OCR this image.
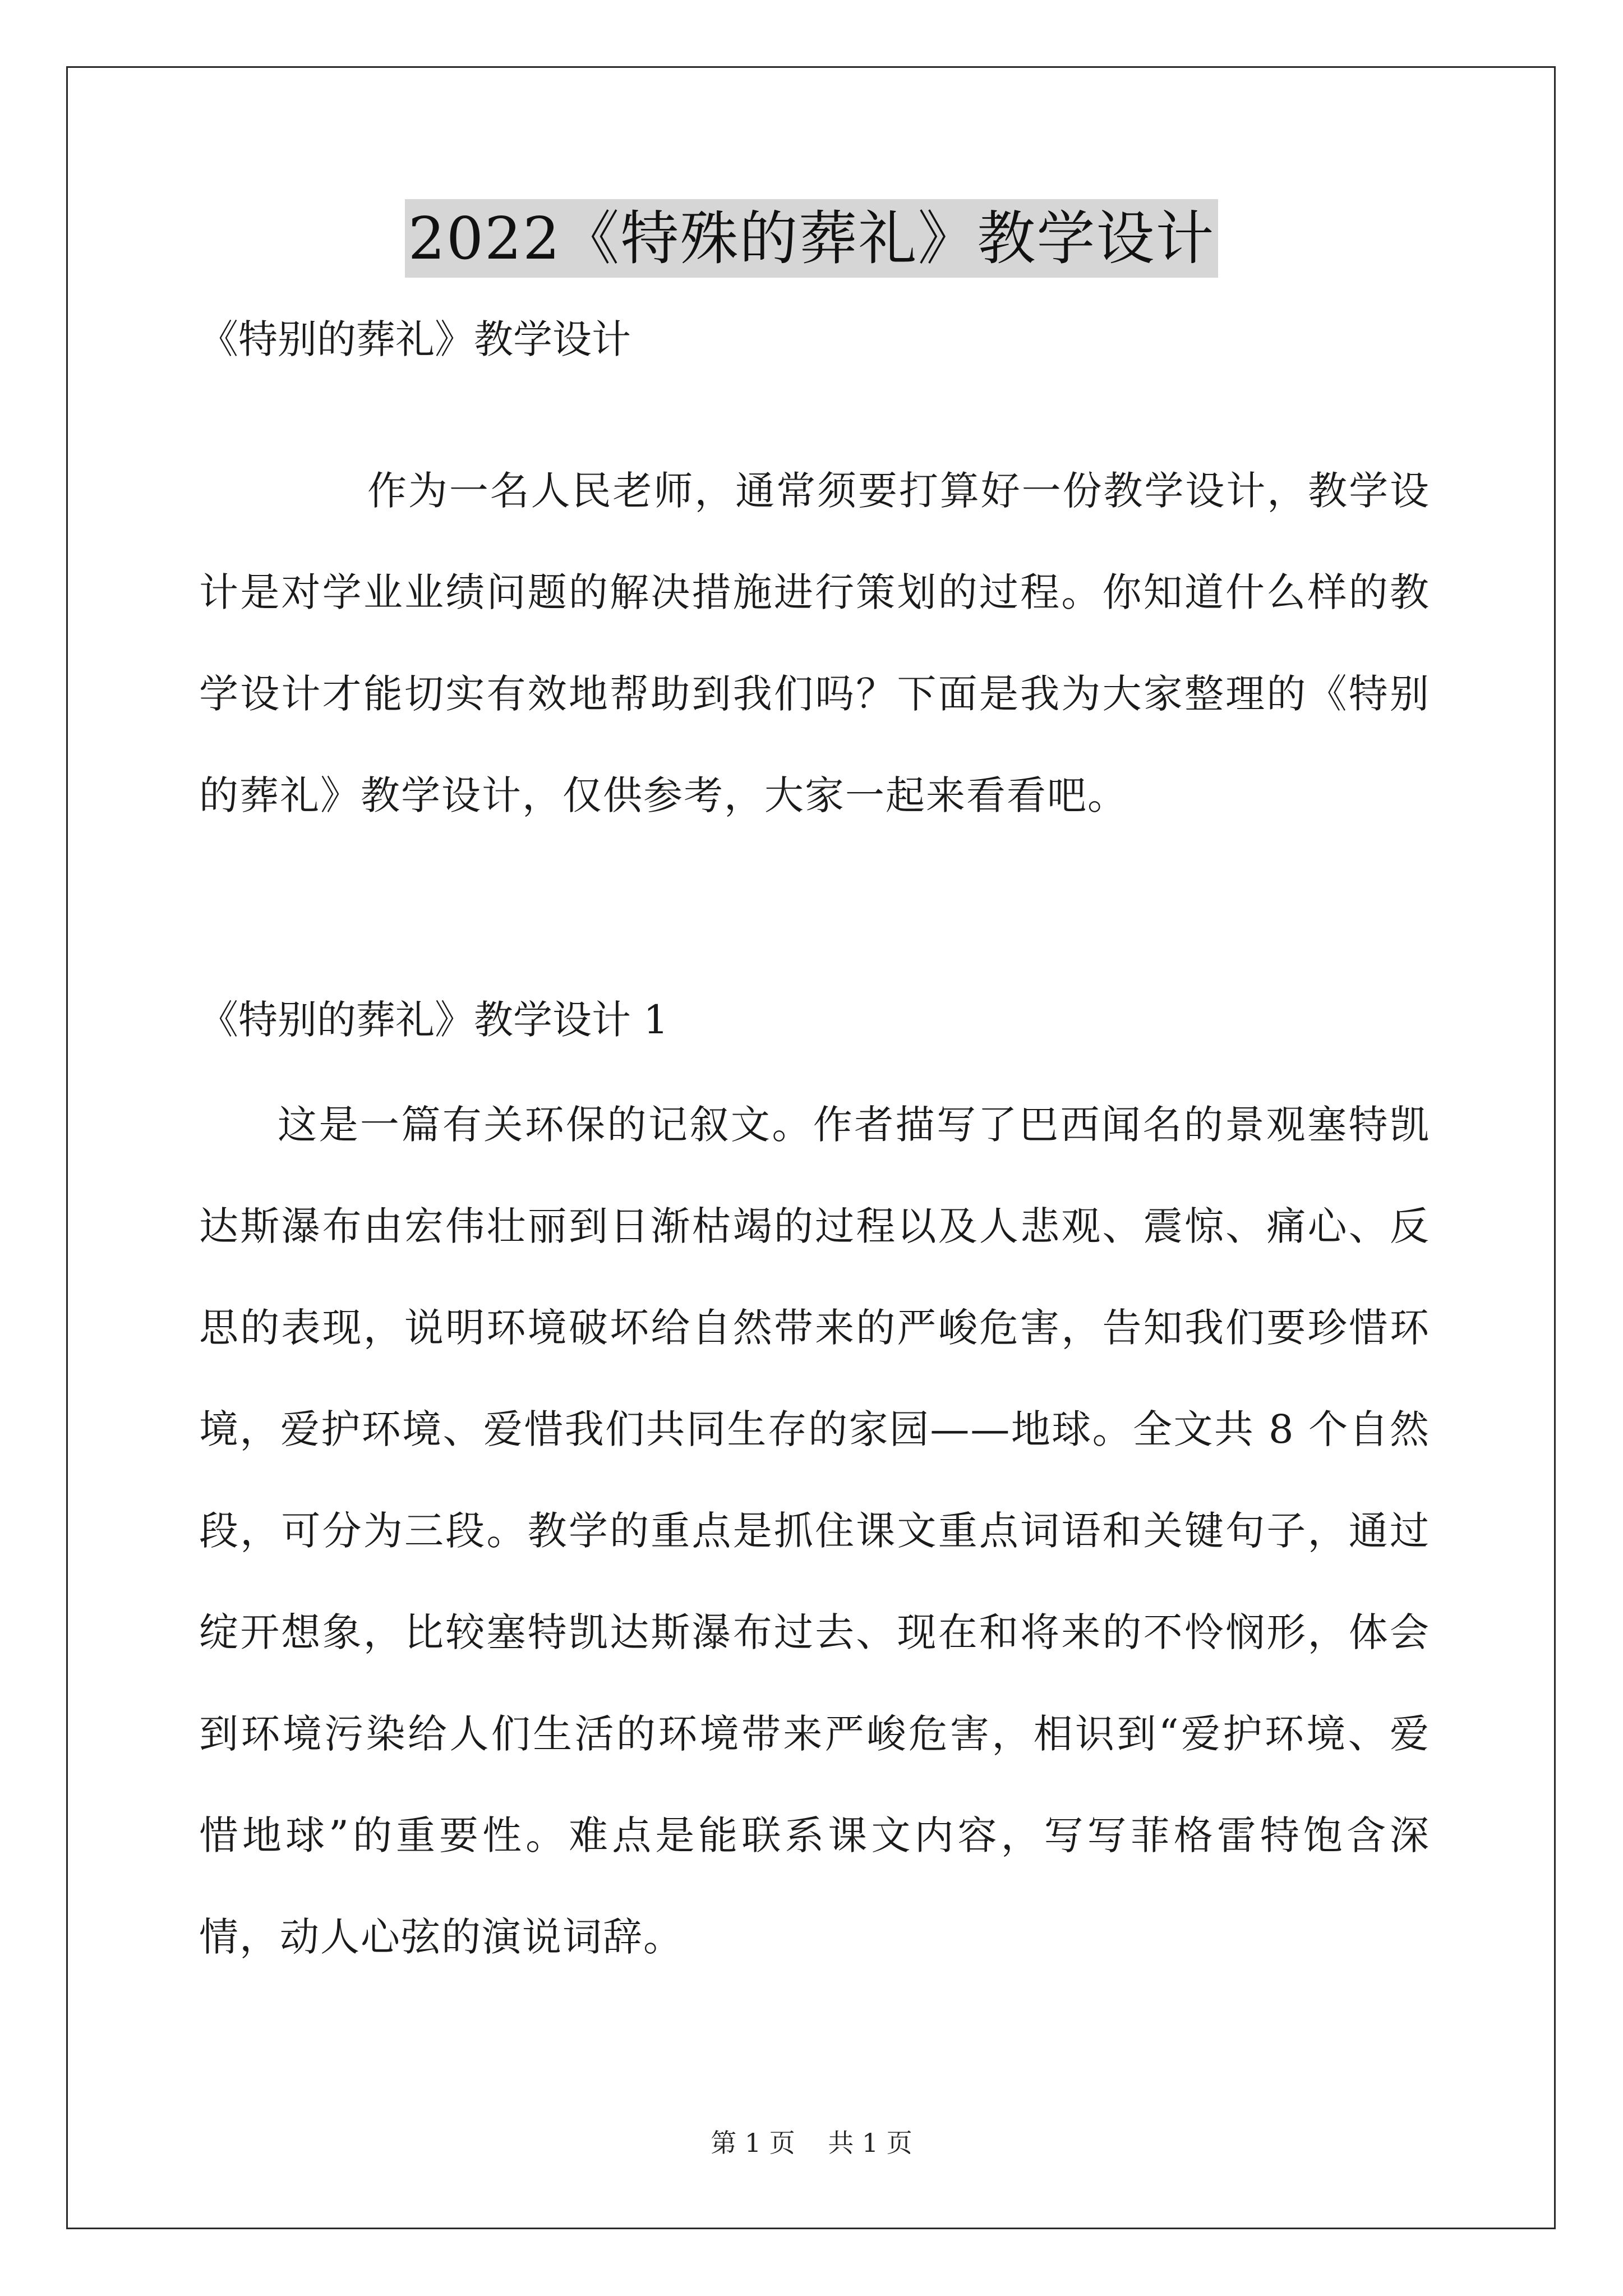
2022《特殊的葬礼》教学设计
《特别的葬礼》教学设计
作为一名人民老师，通常须要打算好一份教学设计，教学设计是对学业业绩问题的解决措施进行策划的过程。你知道什么样的教学设计才能切实有效地帮助到我们吗？下面是我为大家整理的《特别的葬礼》教学设计，仅供参考，大家一起来看看吧。
《特别的葬礼》教学设计 1
这是一篇有关环保的记叙文。作者描写了巴西闻名的景观塞特凯达斯瀑布由宏伟壮丽到日渐枯竭的过程以及人悲观、震惊、痛心、反思的表现，说明环境破坏给自然带来的严峻危害，告知我们要珍惜环境，爱护环境、爱惜我们共同生存的家园——地球。全文共 8 个自然段，可分为三段。教学的重点是抓住课文重点词语和关键句子，通过绽开想象，比较塞特凯达斯瀑布过去、现在和将来的不怜悯形，体会到环境污染给人们生活的环境带来严峻危害，相识到“爱护环境、爱惜地球”的重要性。难点是能联系课文内容，写写菲格雷特饱含深情，动人心弦的演说词辞。
第 1 页    共 1 页
